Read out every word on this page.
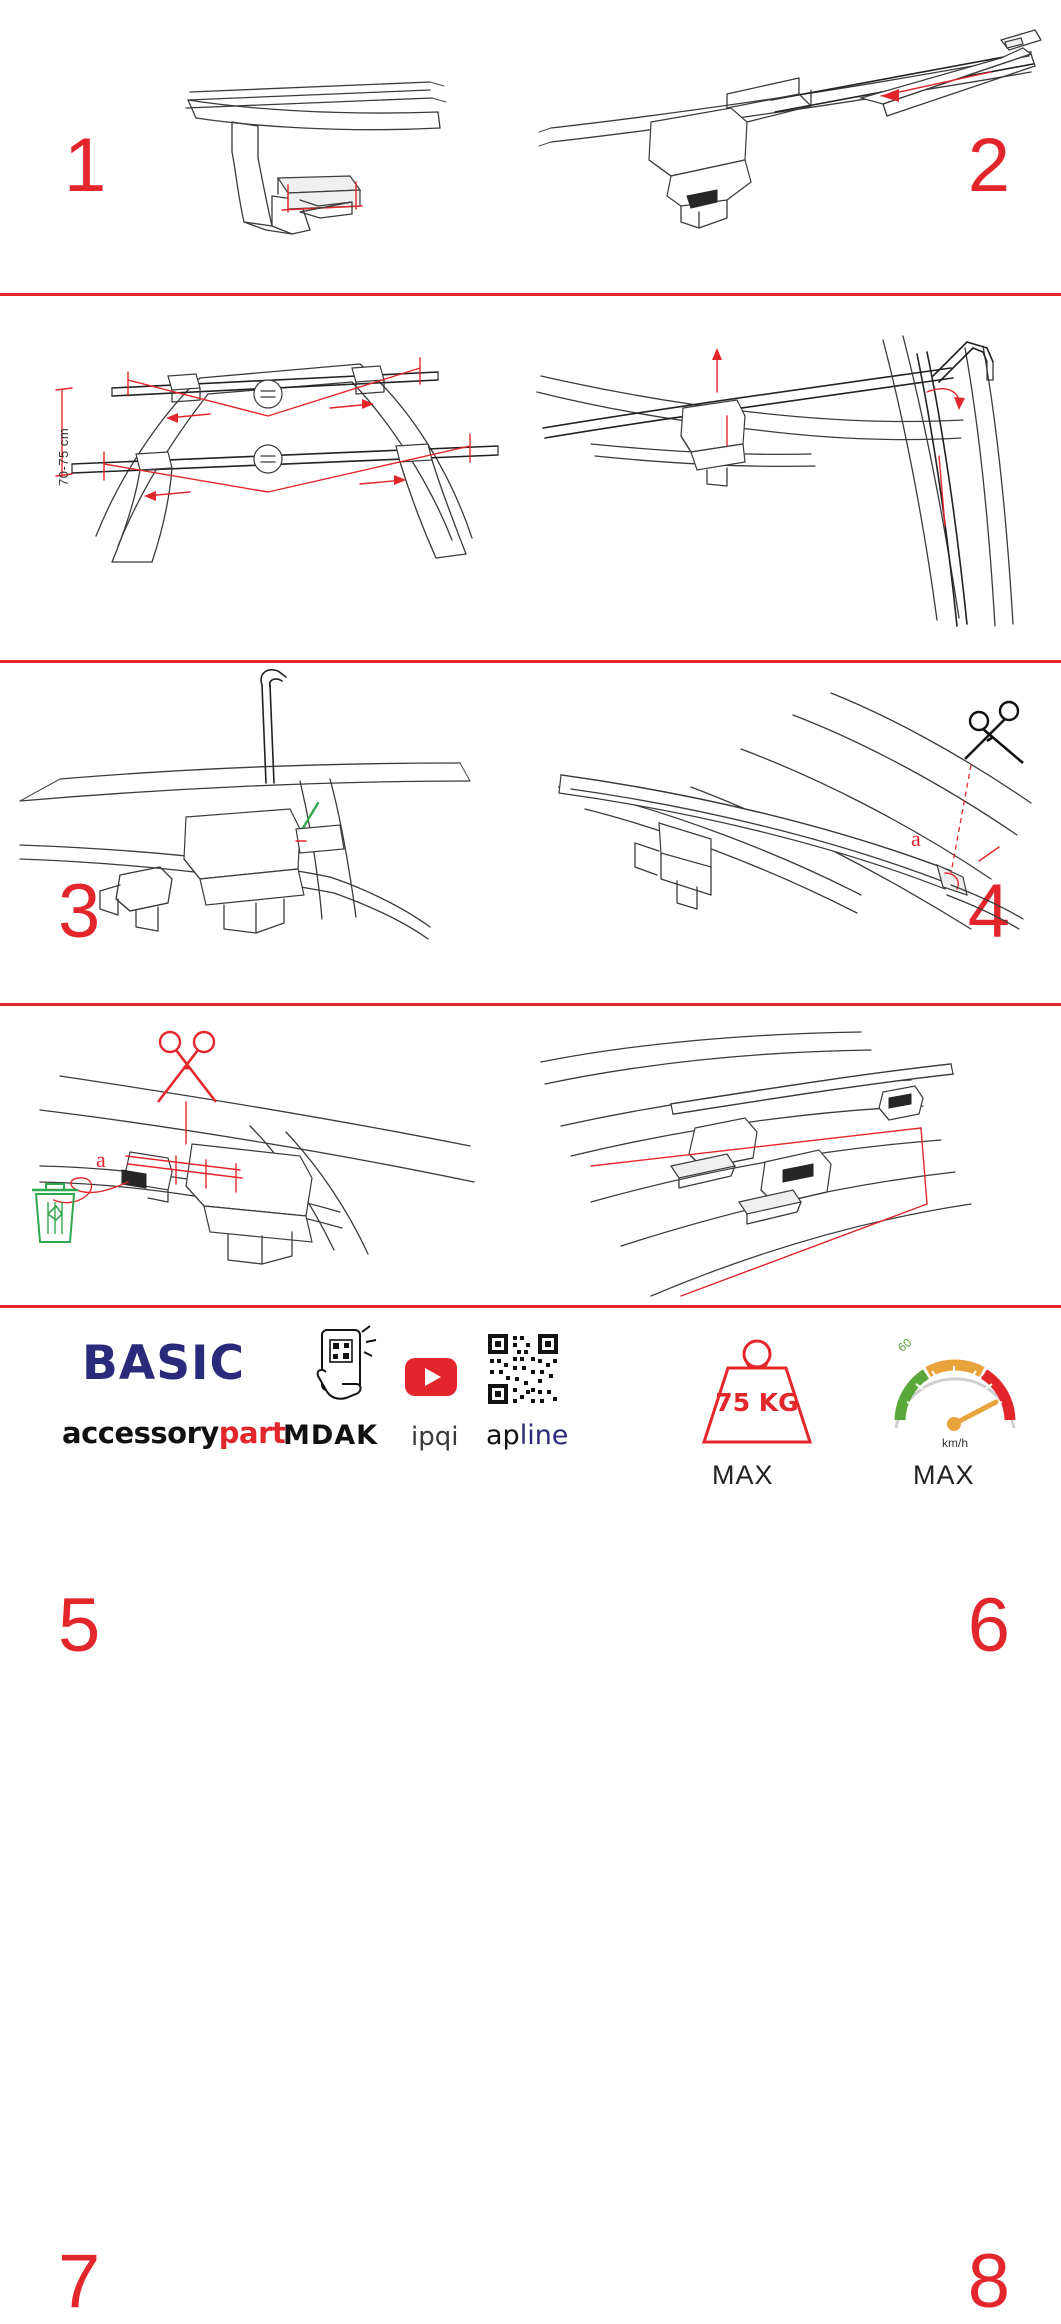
1	2
70-75 cm
3	4
5
a
6
a
7	8
BASIC
accessorypart
MDAK ipqi apline
75 KG
MAX
60
120
km/h
MAX
